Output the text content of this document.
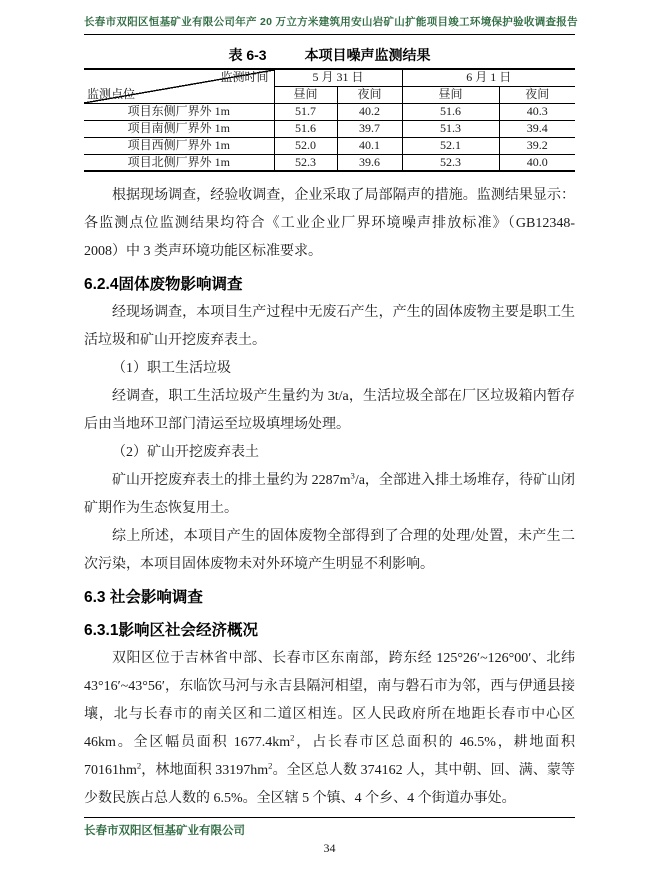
长春市双阳区恒基矿业有限公司年产 20 万立方米建筑用安山岩矿山扩能项目竣工环境保护验收调查报告
表 6-3	本项目噪声监测结果
监测时间
监测点位	5 月 31 日		6 月 1 日	
	昼间	夜间	昼间	夜间
项目东侧厂界外 1m	51.7	40.2	51.6	40.3
项目南侧厂界外 1m	51.6	39.7	51.3	39.4
项目西侧厂界外 1m	52.0	40.1	52.1	39.2
项目北侧厂界外 1m	52.3	39.6	52.3	40.0

根据现场调查，经验收调查，企业采取了局部隔声的措施。监测结果显示：各监测点位监测结果均符合《工业企业厂界环境噪声排放标准》（GB12348-2008）中 3 类声环境功能区标准要求。

6.2.4固体废物影响调查

经现场调查，本项目生产过程中无废石产生，产生的固体废物主要是职工生活垃圾和矿山开挖废弃表土。

（1）职工生活垃圾

经调查，职工生活垃圾产生量约为 3t/a，生活垃圾全部在厂区垃圾箱内暂存后由当地环卫部门清运至垃圾填埋场处理。

（2）矿山开挖废弃表土

矿山开挖废弃表土的排土量约为 $2287m^3/a$，全部进入排土场堆存，待矿山闭矿期作为生态恢复用土。

综上所述，本项目产生的固体废物全部得到了合理的处理/处置，未产生二次污染，本项目固体废物未对外环境产生明显不利影响。

6.3 社会影响调查
6.3.1影响区社会经济概况

双阳区位于吉林省中部、长春市区东南部，跨东经 125°26′~126°00′、北纬 43°16′~43°56′，东临饮马河与永吉县隔河相望，南与磐石市为邻，西与伊通县接壤，北与长春市的南关区和二道区相连。区人民政府所在地距长春市中心区 46km。全区幅员面积 $1677.4km^2$，占长春市区总面积的 46.5%，耕地面积 $70161hm^2$，林地面积 $33197hm^2$。全区总人数 374162 人，其中朝、回、满、蒙等少数民族占总人数的 6.5%。全区辖 5 个镇、4 个乡、4 个街道办事处。

长春市双阳区恒基矿业有限公司
34
